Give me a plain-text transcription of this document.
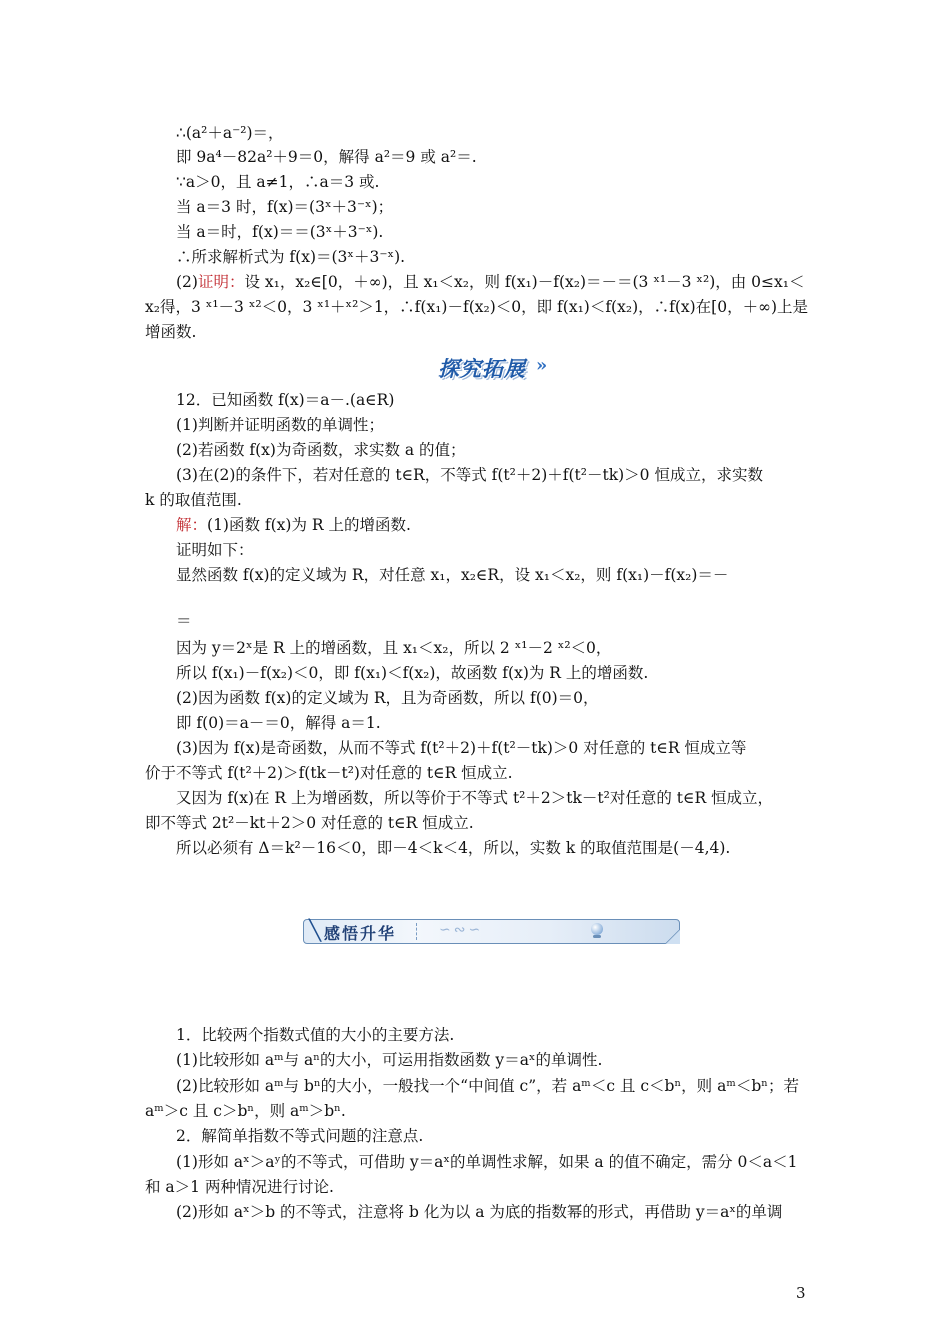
∴(a²＋a⁻²)＝，
即 9a⁴－82a²＋9＝0，解得 a²＝9 或 a²＝.
∵a＞0，且 a≠1，∴a＝3 或.
当 a＝3 时，f(x)＝(3ˣ＋3⁻ˣ)；
当 a＝时，f(x)＝＝(3ˣ＋3⁻ˣ).
∴所求解析式为 f(x)＝(3ˣ＋3⁻ˣ).
(2)证明：设 x₁，x₂∈[0，＋∞)，且 x₁＜x₂，则 f(x₁)－f(x₂)＝－＝(3 ˣ¹－3 ˣ²)，由 0≤x₁＜
x₂得，3 ˣ¹－3 ˣ²＜0，3 ˣ¹＋ˣ²＞1，∴f(x₁)－f(x₂)＜0，即 f(x₁)＜f(x₂)，∴f(x)在[0，＋∞)上是
增函数.
探究拓展 »
12．已知函数 f(x)＝a－.(a∈R)
(1)判断并证明函数的单调性；
(2)若函数 f(x)为奇函数，求实数 a 的值；
(3)在(2)的条件下，若对任意的 t∈R，不等式 f(t²＋2)＋f(t²－tk)＞0 恒成立，求实数
k 的取值范围.
解：(1)函数 f(x)为 R 上的增函数.
证明如下：
显然函数 f(x)的定义域为 R，对任意 x₁，x₂∈R，设 x₁＜x₂，则 f(x₁)－f(x₂)＝－
＝
因为 y＝2ˣ是 R 上的增函数，且 x₁＜x₂，所以 2 ˣ¹－2 ˣ²＜0，
所以 f(x₁)－f(x₂)＜0，即 f(x₁)＜f(x₂)，故函数 f(x)为 R 上的增函数.
(2)因为函数 f(x)的定义域为 R，且为奇函数，所以 f(0)＝0，
即 f(0)＝a－＝0，解得 a＝1.
(3)因为 f(x)是奇函数，从而不等式 f(t²＋2)＋f(t²－tk)＞0 对任意的 t∈R 恒成立等
价于不等式 f(t²＋2)＞f(tk－t²)对任意的 t∈R 恒成立.
又因为 f(x)在 R 上为增函数，所以等价于不等式 t²＋2＞tk－t²对任意的 t∈R 恒成立，
即不等式 2t²－kt＋2＞0 对任意的 t∈R 恒成立.
所以必须有 Δ＝k²－16＜0，即－4＜k＜4，所以，实数 k 的取值范围是(－4,4).
╲ 感悟升华	∽∾∽
1．比较两个指数式值的大小的主要方法.
(1)比较形如 aᵐ与 aⁿ的大小，可运用指数函数 y＝aˣ的单调性.
(2)比较形如 aᵐ与 bⁿ的大小，一般找一个“中间值 c”，若 aᵐ＜c 且 c＜bⁿ，则 aᵐ＜bⁿ；若
aᵐ＞c 且 c＞bⁿ，则 aᵐ＞bⁿ.
2．解简单指数不等式问题的注意点.
(1)形如 aˣ＞aʸ的不等式，可借助 y＝aˣ的单调性求解，如果 a 的值不确定，需分 0＜a＜1
和 a＞1 两种情况进行讨论.
(2)形如 aˣ＞b 的不等式，注意将 b 化为以 a 为底的指数幂的形式，再借助 y＝aˣ的单调
3
